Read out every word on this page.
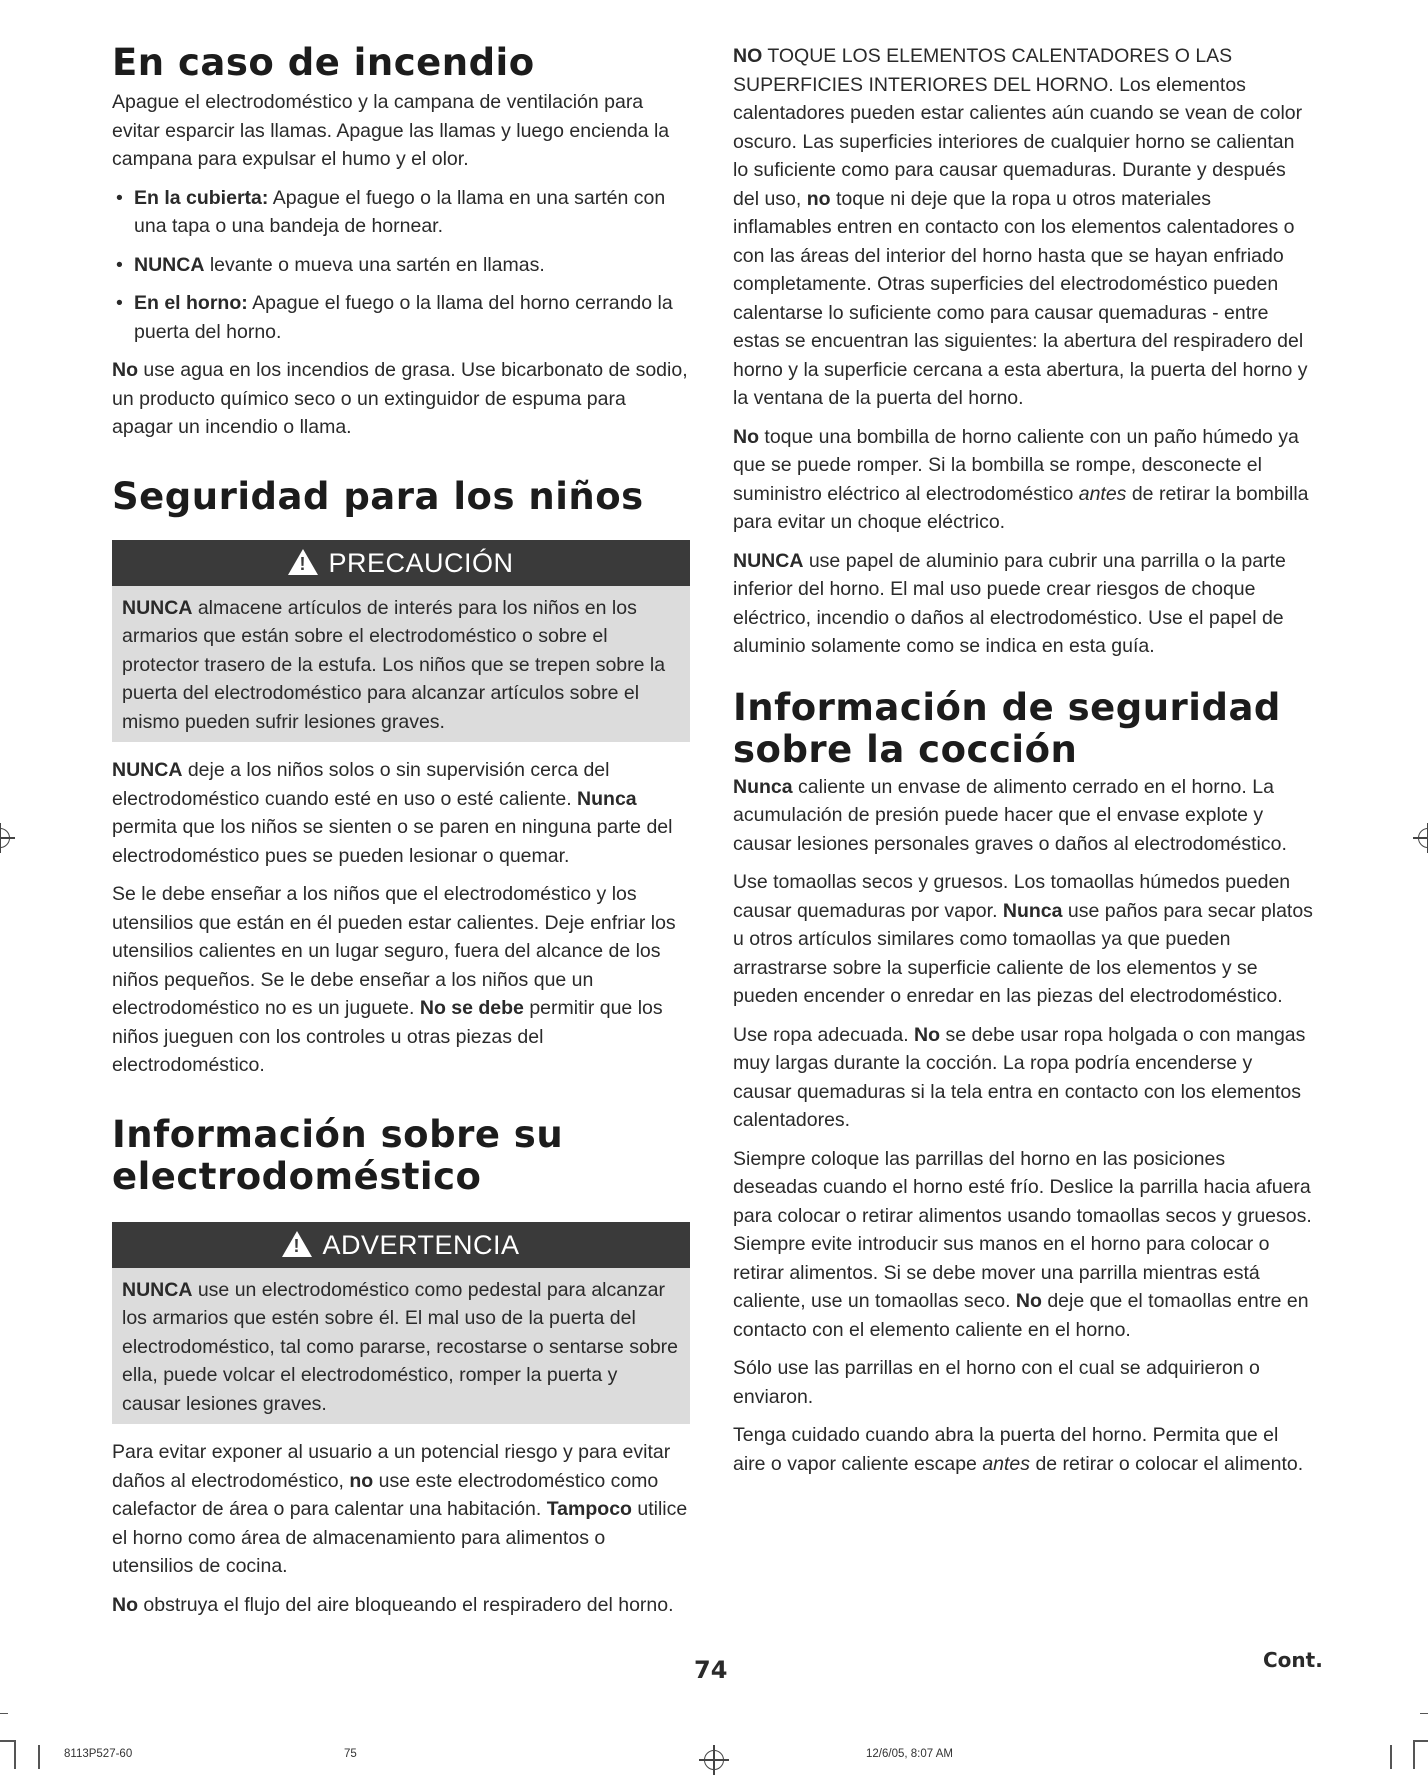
En caso de incendio

Apague el electrodoméstico y la campana de ventilación para evitar esparcir las llamas. Apague las llamas y luego encienda la campana para expulsar el humo y el olor.

• En la cubierta: Apague el fuego o la llama en una sartén con una tapa o una bandeja de hornear.
• NUNCA levante o mueva una sartén en llamas.
• En el horno: Apague el fuego o la llama del horno cerrando la puerta del horno.

No use agua en los incendios de grasa. Use bicarbonato de sodio, un producto químico seco o un extinguidor de espuma para apagar un incendio o llama.

Seguridad para los niños
! PRECAUCIÓN
NUNCA almacene artículos de interés para los niños en los armarios que están sobre el electrodoméstico o sobre el protector trasero de la estufa. Los niños que se trepen sobre la puerta del electrodoméstico para alcanzar artículos sobre el mismo pueden sufrir lesiones graves.

NUNCA deje a los niños solos o sin supervisión cerca del electrodoméstico cuando esté en uso o esté caliente. Nunca permita que los niños se sienten o se paren en ninguna parte del electrodoméstico pues se pueden lesionar o quemar.

Se le debe enseñar a los niños que el electrodoméstico y los utensilios que están en él pueden estar calientes. Deje enfriar los utensilios calientes en un lugar seguro, fuera del alcance de los niños pequeños. Se le debe enseñar a los niños que un electrodoméstico no es un juguete. No se debe permitir que los niños jueguen con los controles u otras piezas del electrodoméstico.

Información sobre su
electrodoméstico
! ADVERTENCIA
NUNCA use un electrodoméstico como pedestal para alcanzar los armarios que estén sobre él. El mal uso de la puerta del electrodoméstico, tal como pararse, recostarse o sentarse sobre ella, puede volcar el electrodoméstico, romper la puerta y causar lesiones graves.

Para evitar exponer al usuario a un potencial riesgo y para evitar daños al electrodoméstico, no use este electrodoméstico como calefactor de área o para calentar una habitación. Tampoco utilice el horno como área de almacenamiento para alimentos o utensilios de cocina.

No obstruya el flujo del aire bloqueando el respiradero del horno.

NO TOQUE LOS ELEMENTOS CALENTADORES O LAS SUPERFICIES INTERIORES DEL HORNO. Los elementos calentadores pueden estar calientes aún cuando se vean de color oscuro. Las superficies interiores de cualquier horno se calientan lo suficiente como para causar quemaduras. Durante y después del uso, no toque ni deje que la ropa u otros materiales inflamables entren en contacto con los elementos calentadores o con las áreas del interior del horno hasta que se hayan enfriado completamente. Otras superficies del electrodoméstico pueden calentarse lo suficiente como para causar quemaduras - entre estas se encuentran las siguientes: la abertura del respiradero del horno y la superficie cercana a esta abertura, la puerta del horno y la ventana de la puerta del horno.

No toque una bombilla de horno caliente con un paño húmedo ya que se puede romper. Si la bombilla se rompe, desconecte el suministro eléctrico al electrodoméstico antes de retirar la bombilla para evitar un choque eléctrico.

NUNCA use papel de aluminio para cubrir una parrilla o la parte inferior del horno. El mal uso puede crear riesgos de choque eléctrico, incendio o daños al electrodoméstico. Use el papel de aluminio solamente como se indica en esta guía.

Información de seguridad
sobre la cocción

Nunca caliente un envase de alimento cerrado en el horno. La acumulación de presión puede hacer que el envase explote y causar lesiones personales graves o daños al electrodoméstico.

Use tomaollas secos y gruesos. Los tomaollas húmedos pueden causar quemaduras por vapor. Nunca use paños para secar platos u otros artículos similares como tomaollas ya que pueden arrastrarse sobre la superficie caliente de los elementos y se pueden encender o enredar en las piezas del electrodoméstico.

Use ropa adecuada. No se debe usar ropa holgada o con mangas muy largas durante la cocción. La ropa podría encenderse y causar quemaduras si la tela entra en contacto con los elementos calentadores.

Siempre coloque las parrillas del horno en las posiciones deseadas cuando el horno esté frío. Deslice la parrilla hacia afuera para colocar o retirar alimentos usando tomaollas secos y gruesos. Siempre evite introducir sus manos en el horno para colocar o retirar alimentos. Si se debe mover una parrilla mientras está caliente, use un tomaollas seco. No deje que el tomaollas entre en contacto con el elemento caliente en el horno.

Sólo use las parrillas en el horno con el cual se adquirieron o enviaron.

Tenga cuidado cuando abra la puerta del horno. Permita que el aire o vapor caliente escape antes de retirar o colocar el alimento.

74	Cont.
8113P527-60	75	12/6/05, 8:07 AM
